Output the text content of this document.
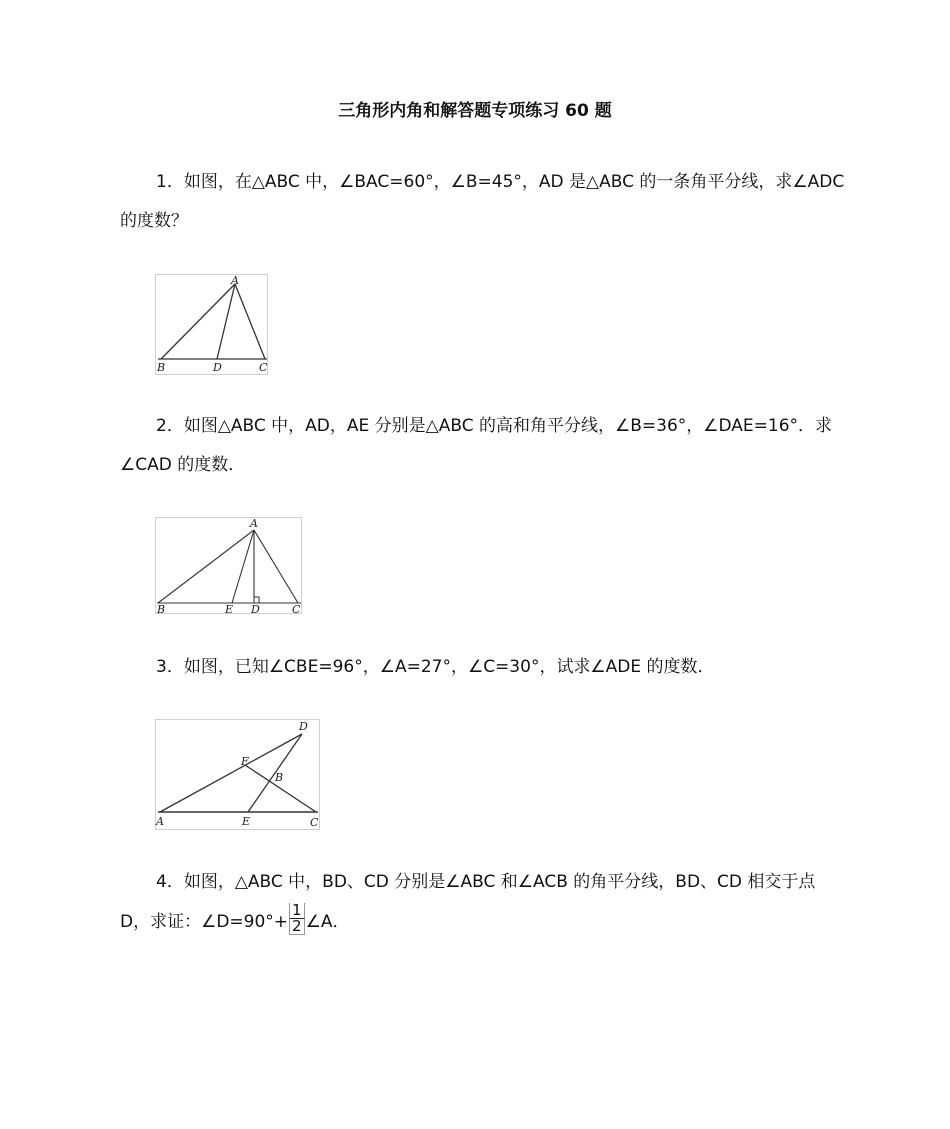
三角形内角和解答题专项练习 60 题
1．如图，在△ABC 中，∠BAC=60°，∠B=45°，AD 是△ABC 的一条角平分线，求∠ADC
的度数？
A
B	D	C
2．如图△ABC 中，AD，AE 分别是△ABC 的高和角平分线，∠B=36°，∠DAE=16°．求
∠CAD 的度数．
A
B	E D	C
3．如图，已知∠CBE=96°，∠A=27°，∠C=30°，试求∠ADE 的度数．
D
F
B
A	E	C
4．如图，△ABC 中，BD、CD 分别是∠ABC 和∠ACB 的角平分线，BD、CD 相交于点
D，求证：∠D=90°+ $\frac{1}{2}$ ∠A．
